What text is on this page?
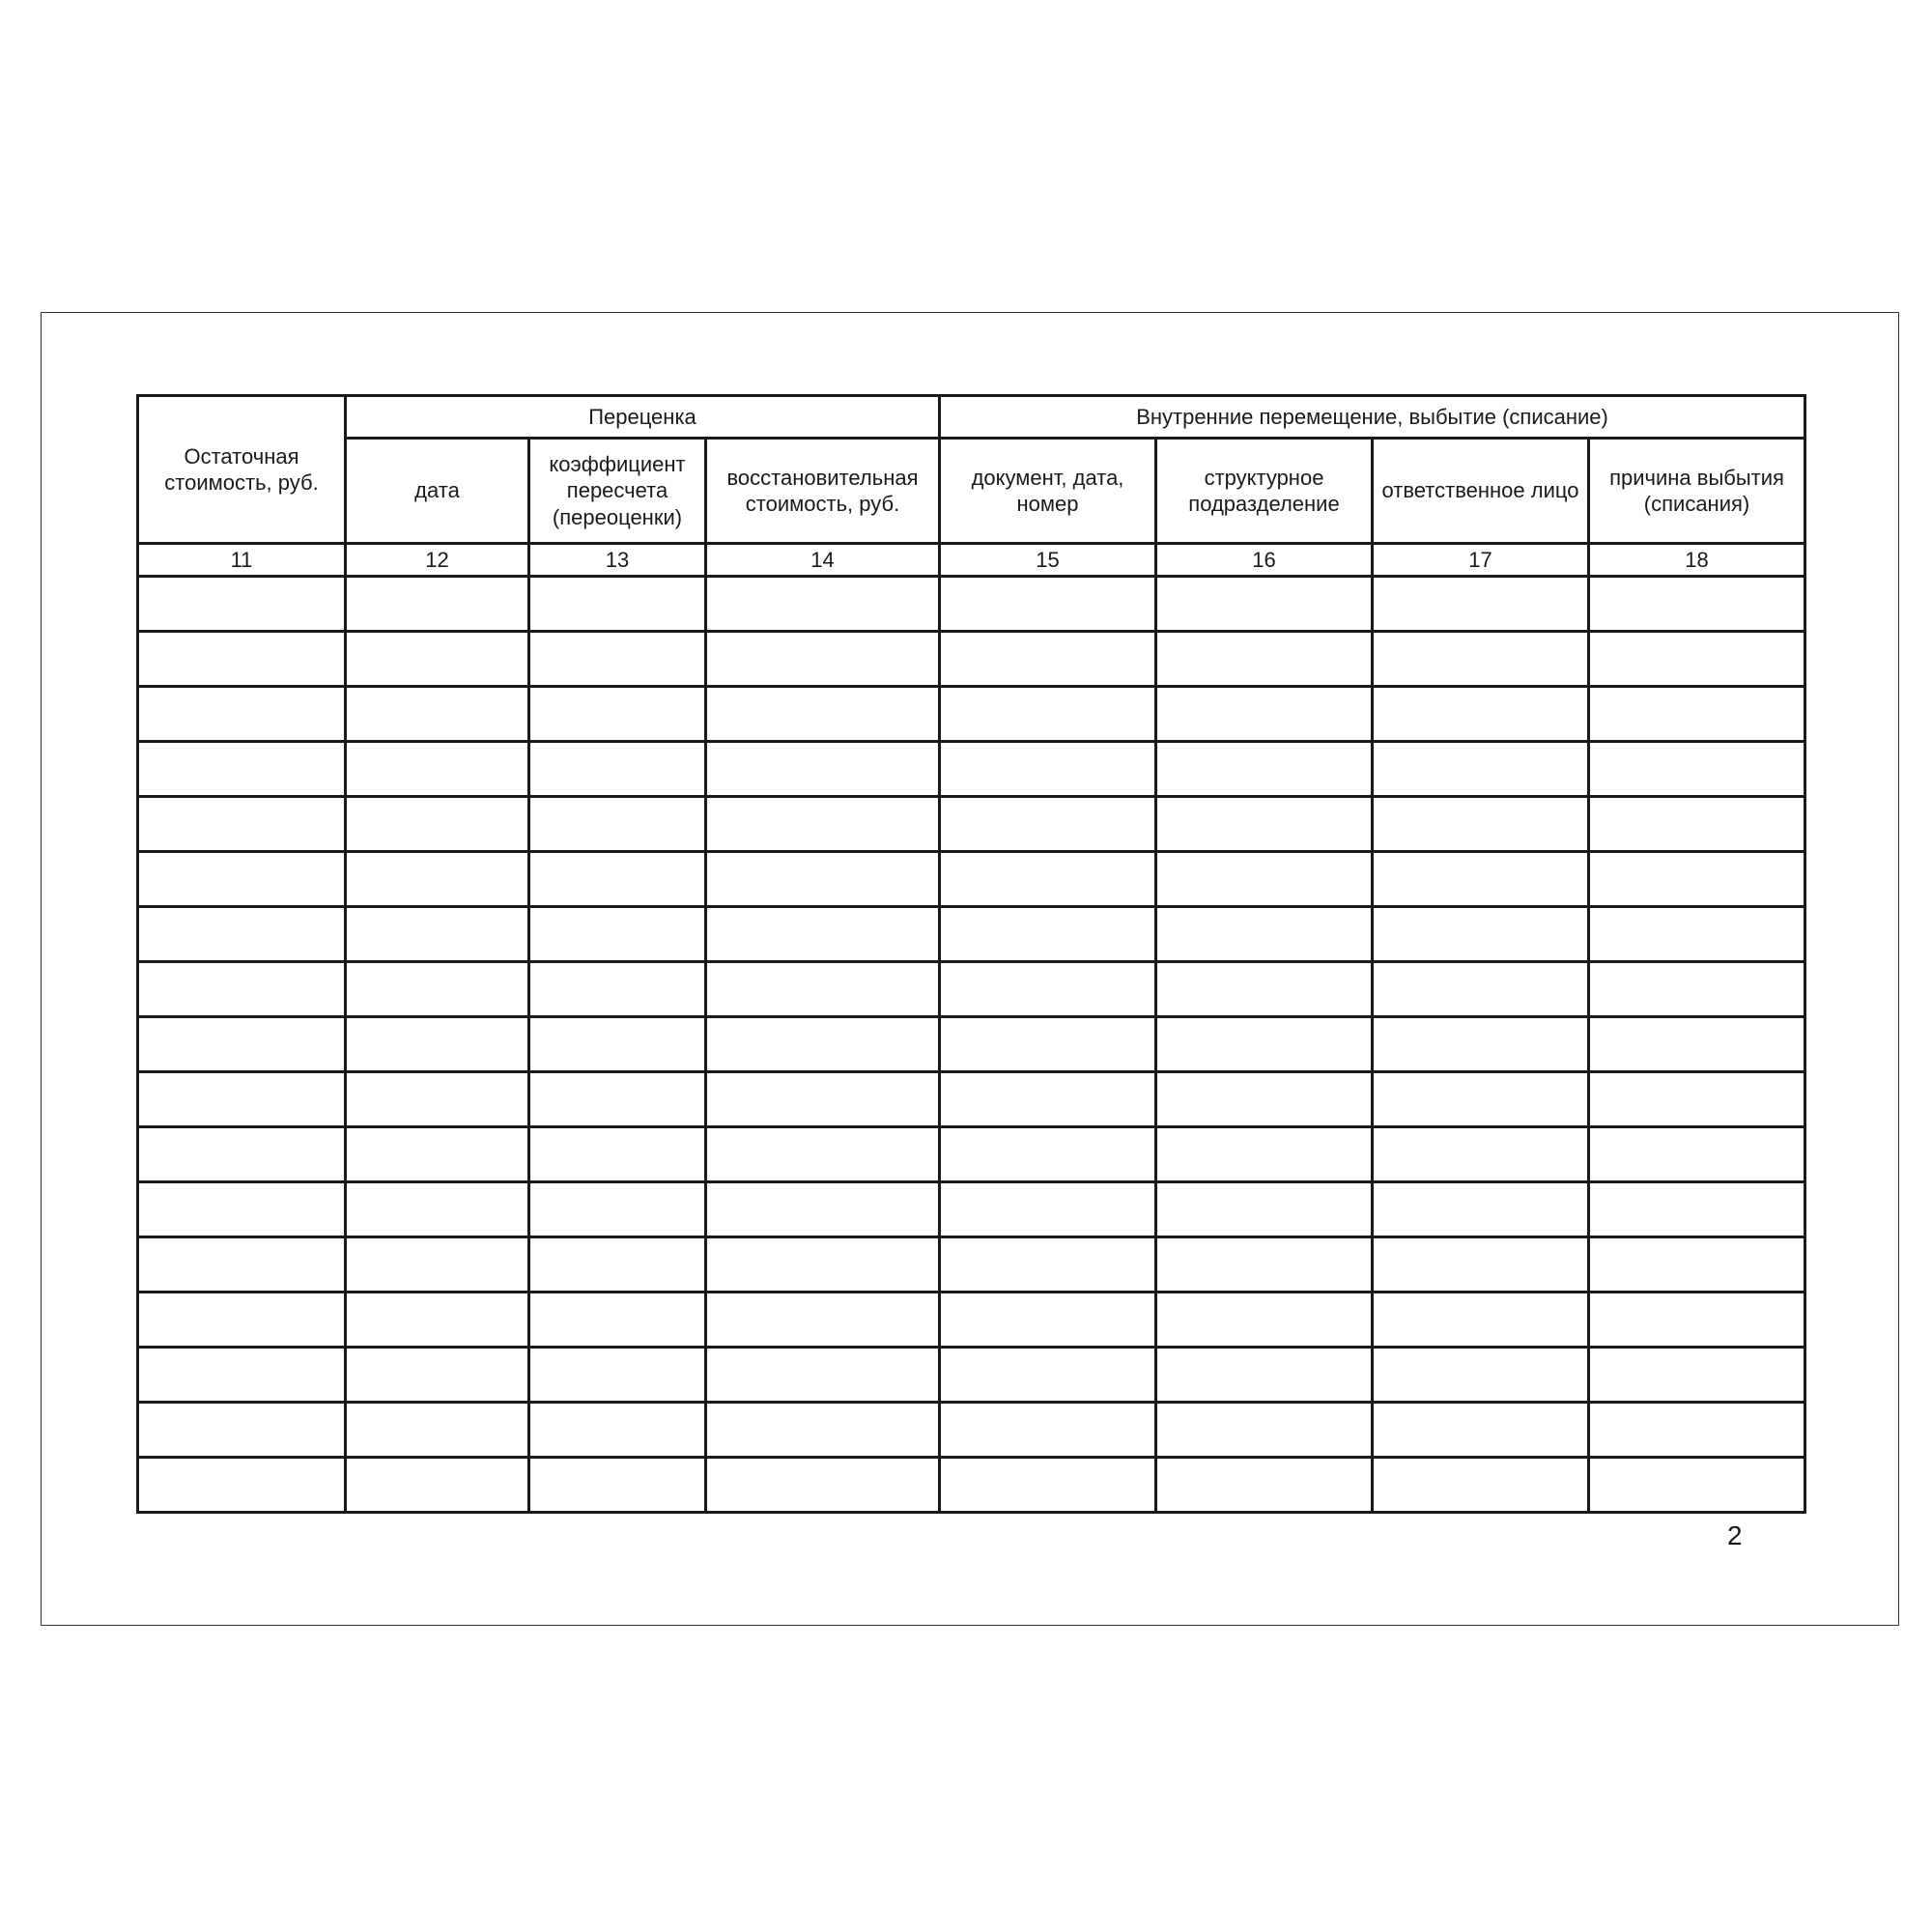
Остаточная стоимость, руб.	Переценка			Внутренние перемещение, выбытие (списание)			
	дата	коэффициент пересчета (переоценки)	восстановительная стоимость, руб.	документ, дата, номер	структурное подразделение	ответственное лицо	причина выбытия (списания)
11	12	13	14	15	16	17	18

2
